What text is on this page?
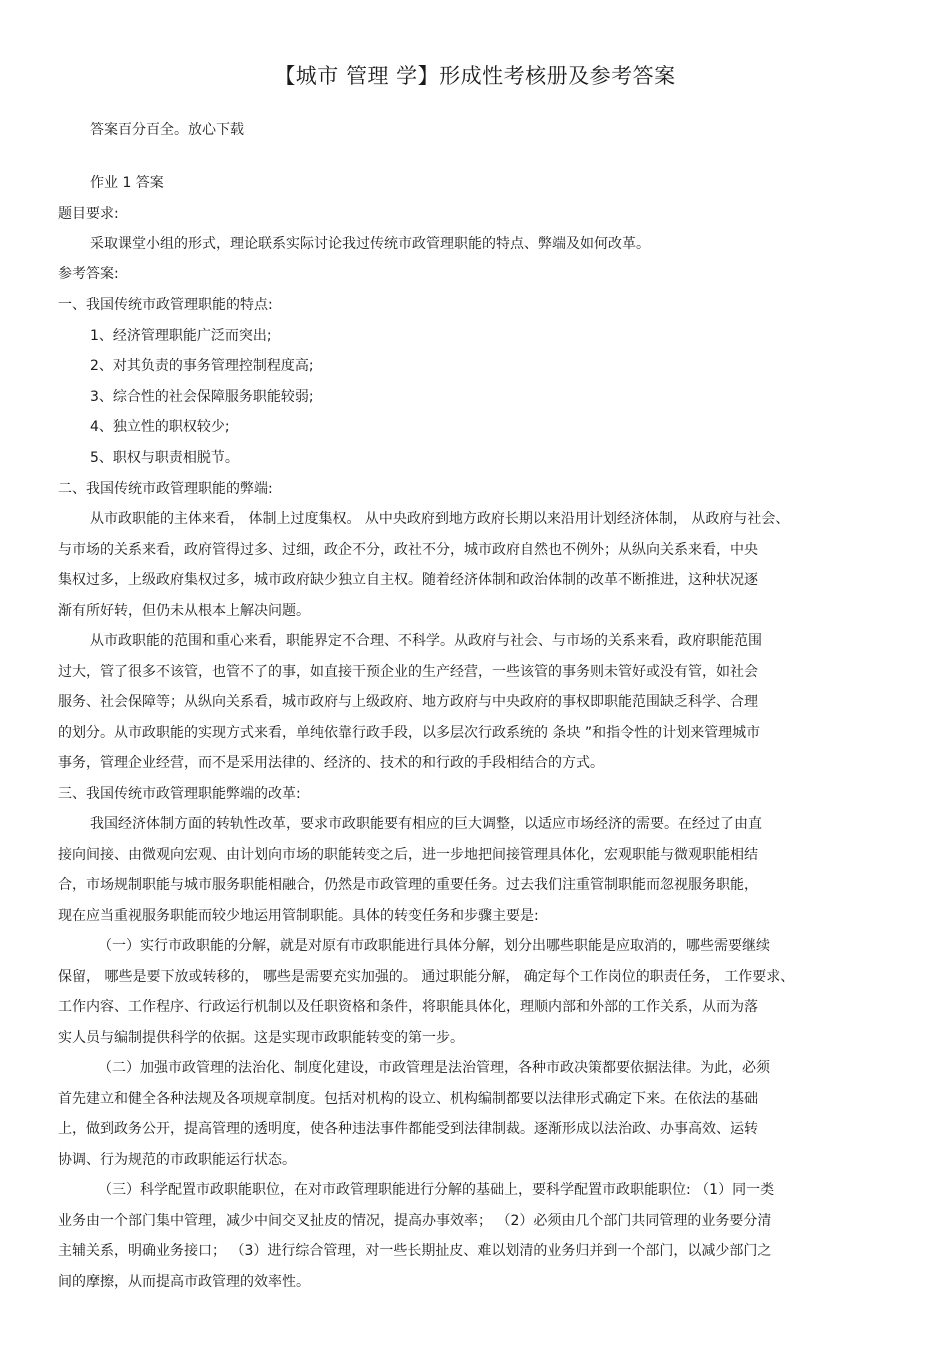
【城市 管理 学】形成性考核册及参考答案

答案百分百全。放心下载

作业 1 答案

题目要求:

采取课堂小组的形式，理论联系实际讨论我过传统市政管理职能的特点、弊端及如何改革。

参考答案:

一、我国传统市政管理职能的特点:

1、经济管理职能广泛而突出;

2、对其负责的事务管理控制程度高;

3、综合性的社会保障服务职能较弱;

4、独立性的职权较少;

5、职权与职责相脱节。

二、我国传统市政管理职能的弊端:

从市政职能的主体来看， 体制上过度集权。 从中央政府到地方政府长期以来沿用计划经济体制， 从政府与社会、

与市场的关系来看，政府管得过多、过细，政企不分，政社不分，城市政府自然也不例外；从纵向关系来看，中央

集权过多，上级政府集权过多，城市政府缺少独立自主权。随着经济体制和政治体制的改革不断推进，这种状况逐

渐有所好转，但仍未从根本上解决问题。

从市政职能的范围和重心来看，职能界定不合理、不科学。从政府与社会、与市场的关系来看，政府职能范围

过大，管了很多不该管，也管不了的事，如直接干预企业的生产经营，一些该管的事务则未管好或没有管，如社会

服务、社会保障等；从纵向关系看，城市政府与上级政府、地方政府与中央政府的事权即职能范围缺乏科学、合理

的划分。从市政职能的实现方式来看，单纯依靠行政手段，以多层次行政系统的 条块 ”和指令性的计划来管理城市

事务，管理企业经营，而不是采用法律的、经济的、技术的和行政的手段相结合的方式。

三、我国传统市政管理职能弊端的改革:

我国经济体制方面的转轨性改革，要求市政职能要有相应的巨大调整，以适应市场经济的需要。在经过了由直

接向间接、由微观向宏观、由计划向市场的职能转变之后，进一步地把间接管理具体化，宏观职能与微观职能相结

合，市场规制职能与城市服务职能相融合，仍然是市政管理的重要任务。过去我们注重管制职能而忽视服务职能，

现在应当重视服务职能而较少地运用管制职能。具体的转变任务和步骤主要是:

（一）实行市政职能的分解，就是对原有市政职能进行具体分解，划分出哪些职能是应取消的，哪些需要继续

保留， 哪些是要下放或转移的， 哪些是需要充实加强的。 通过职能分解， 确定每个工作岗位的职责任务， 工作要求、

工作内容、工作程序、行政运行机制以及任职资格和条件，将职能具体化，理顺内部和外部的工作关系，从而为落

实人员与编制提供科学的依据。这是实现市政职能转变的第一步。

（二）加强市政管理的法治化、制度化建设，市政管理是法治管理，各种市政决策都要依据法律。为此，必须

首先建立和健全各种法规及各项规章制度。包括对机构的设立、机构编制都要以法律形式确定下来。在依法的基础

上，做到政务公开，提高管理的透明度，使各种违法事件都能受到法律制裁。逐渐形成以法治政、办事高效、运转

协调、行为规范的市政职能运行状态。

（三）科学配置市政职能职位，在对市政管理职能进行分解的基础上，要科学配置市政职能职位: （1）同一类

业务由一个部门集中管理，减少中间交叉扯皮的情况，提高办事效率； （2）必须由几个部门共同管理的业务要分清

主辅关系，明确业务接口； （3）进行综合管理，对一些长期扯皮、难以划清的业务归并到一个部门，以减少部门之

间的摩擦，从而提高市政管理的效率性。
